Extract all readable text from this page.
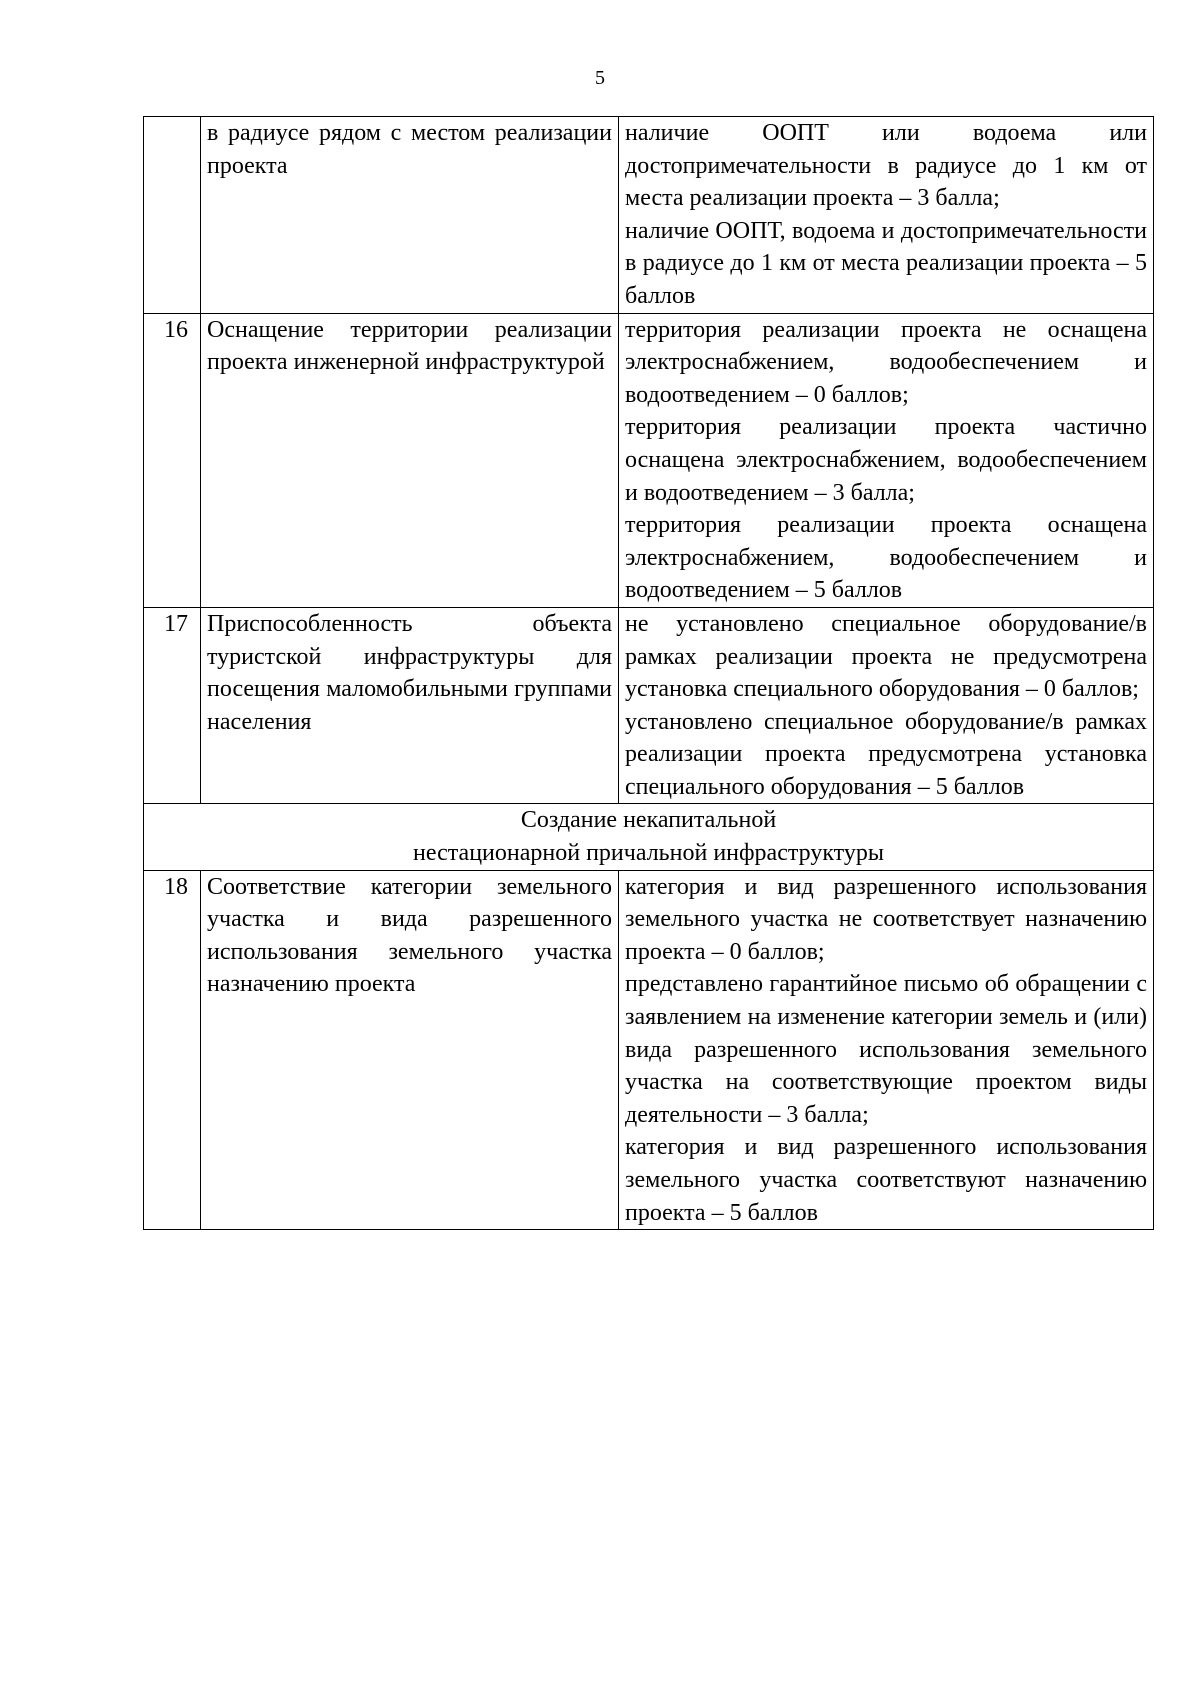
5
	в радиусе рядом с местом реализации проекта	наличие ООПТ или водоема или достопримечательности в радиусе до 1 км от места реализации проекта – 3 балла;

наличие ООПТ, водоема и достопримечательности в радиусе до 1 км от места реализации проекта – 5 баллов

16	Оснащение территории реализации проекта инженерной инфраструктурой	территория реализации проекта не оснащена электроснабжением, водообеспечением и водоотведением – 0 баллов;

территория реализации проекта частично оснащена электроснабжением, водообеспечением и водоотведением – 3 балла;

территория реализации проекта оснащена электроснабжением, водообеспечением и водоотведением – 5 баллов

17	Приспособленность объекта туристской инфраструктуры для посещения маломобильными группами населения	не установлено специальное оборудование/в рамках реализации проекта не предусмотрена установка специального оборудования – 0 баллов;

установлено специальное оборудование/в рамках реализации проекта предусмотрена установка специального оборудования – 5 баллов

Создание некапитальной
нестационарной причальной инфраструктуры		

18	Соответствие категории земельного участка и вида разрешенного использования земельного участка назначению проекта	категория и вид разрешенного использования земельного участка не соответствует назначению проекта – 0 баллов;

представлено гарантийное письмо об обращении с заявлением на изменение категории земель и (или) вида разрешенного использования земельного участка на соответствующие проектом виды деятельности – 3 балла;

категория и вид разрешенного использования земельного участка соответствуют назначению проекта – 5 баллов
